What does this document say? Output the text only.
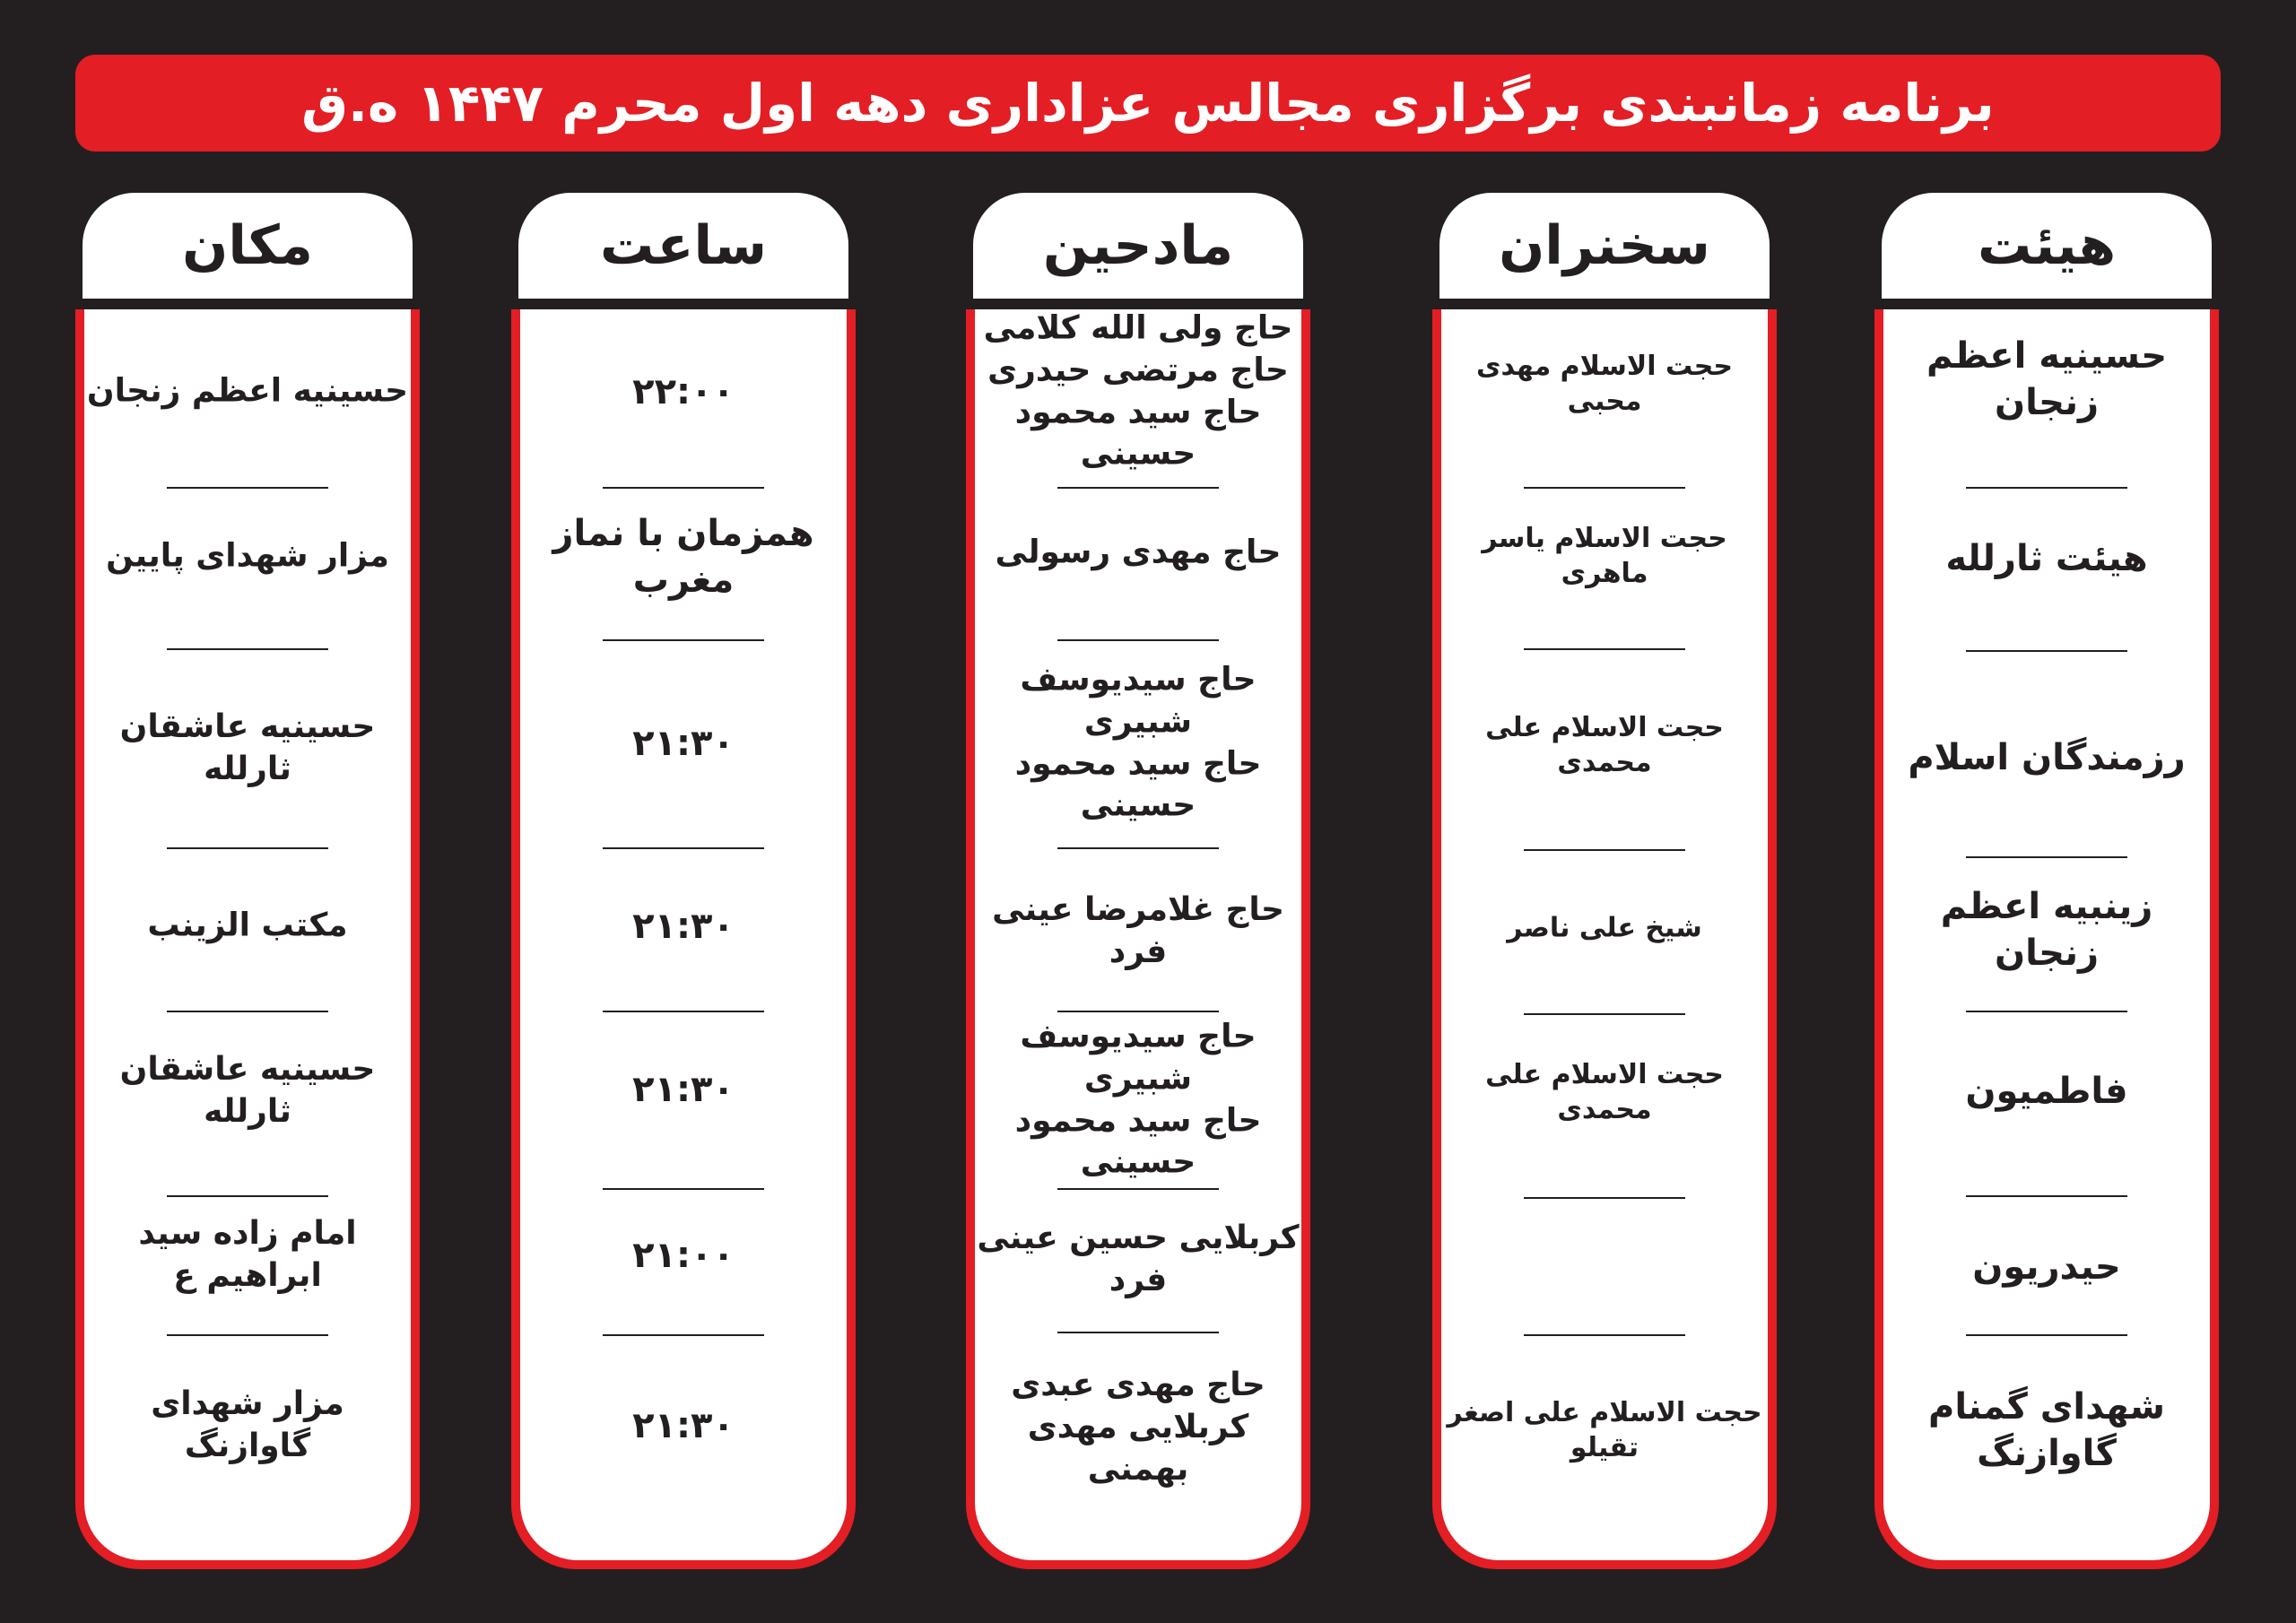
برنامه زمانبندی برگزاری مجالس عزاداری دهه اول محرم ۱۴۴۷ ه.ق
هیئت
حسینیه اعظم زنجان
هیئت ثارلله
رزمندگان اسلام
زینبیه اعظم زنجان
فاطمیون
حیدریون
شهدای گمنام گاوازنگ
سخنران
حجت الاسلام مهدی محبی
حجت الاسلام یاسر ماهری
حجت الاسلام علی محمدی
شیخ علی ناصر
حجت الاسلام علی محمدی
حجت الاسلام علی اصغر تقیلو
مادحین
حاج ولی الله کلامی
حاج مرتضی حیدری
حاج سید محمود حسینی
حاج مهدی رسولی
حاج سیدیوسف شبیری
حاج سید محمود حسینی
حاج غلامرضا عینی فرد
حاج سیدیوسف شبیری
حاج سید محمود حسینی
کربلایی حسین عینی فرد
حاج مهدی عبدی
کربلایی مهدی بهمنی
ساعت
۲۲:۰۰
همزمان با نماز مغرب
۲۱:۳۰
۲۱:۳۰
۲۱:۳۰
۲۱:۰۰
۲۱:۳۰
مکان
حسینیه اعظم زنجان
مزار شهدای پایین
حسینیه عاشقان ثارلله
مکتب الزینب
حسینیه عاشقان ثارلله
امام زاده سید ابراهیم ع
مزار شهدای گاوازنگ
